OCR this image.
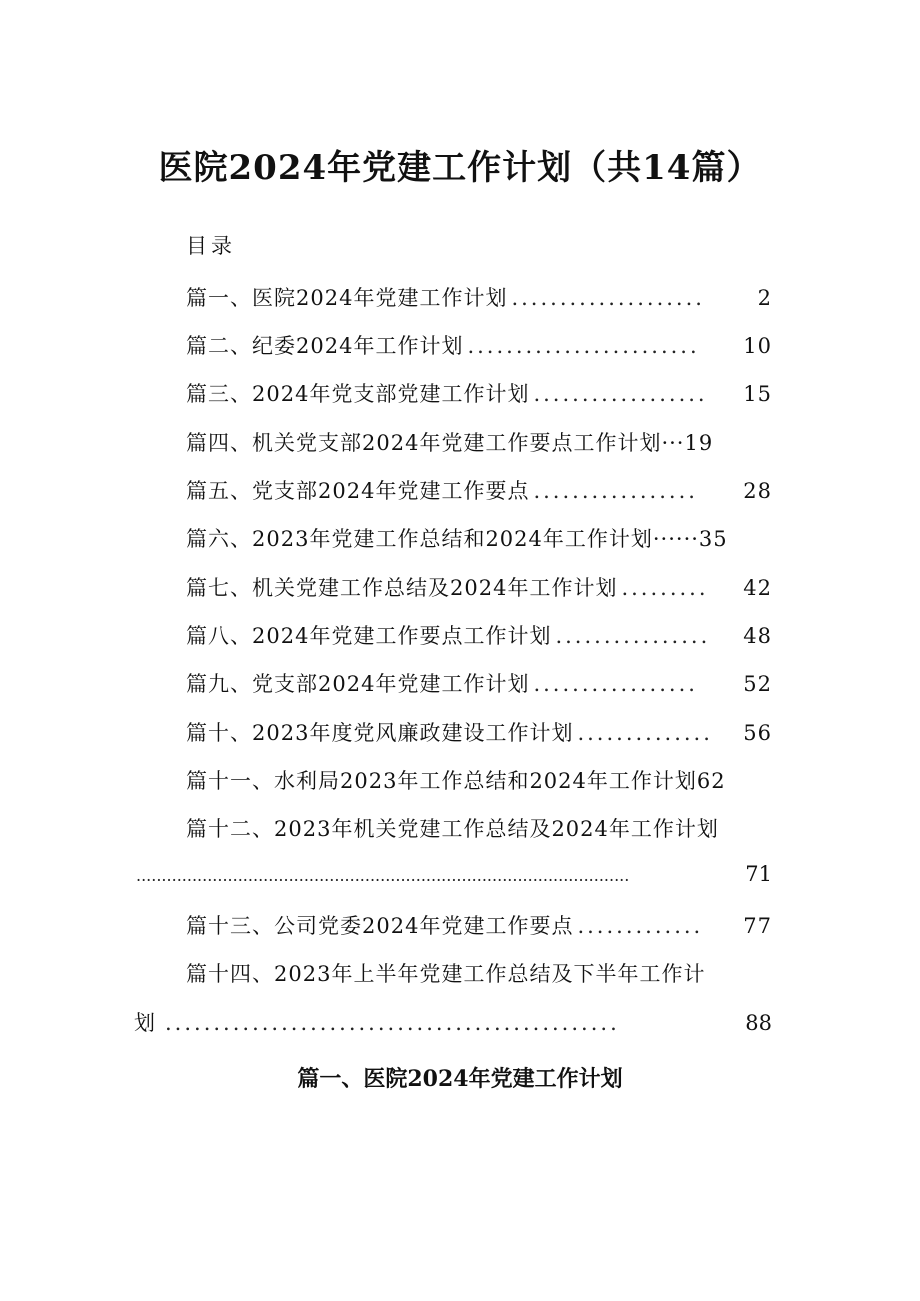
医院2024年党建工作计划（共14篇）
目录
篇一、医院2024年党建工作计划 ....................	2
篇二、纪委2024年工作计划 ........................	10
篇三、2024年党支部党建工作计划 ..................	15
篇四、机关党支部2024年党建工作要点工作计划···19
篇五、党支部2024年党建工作要点 .................	28
篇六、2023年党建工作总结和2024年工作计划······35
篇七、机关党建工作总结及2024年工作计划 .........	42
篇八、2024年党建工作要点工作计划 ................	48
篇九、党支部2024年党建工作计划 .................	52
篇十、2023年度党风廉政建设工作计划 ..............	56
篇十一、水利局2023年工作总结和2024年工作计划62
篇十二、2023年机关党建工作总结及2024年工作计划
.................................................................................................	71
篇十三、公司党委2024年党建工作要点 .............	77
篇十四、2023年上半年党建工作总结及下半年工作计
划 ...............................................	88
篇一、医院2024年党建工作计划
